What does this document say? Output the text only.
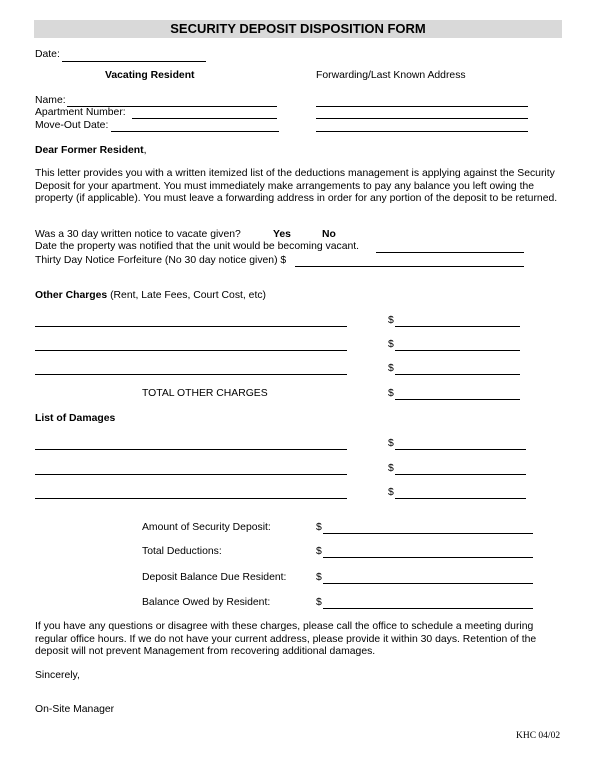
SECURITY DEPOSIT DISPOSITION FORM
Date:
Vacating Resident	Forwarding/Last Known Address
Name:
Apartment Number:
Move-Out Date:
Dear Former Resident,
This letter provides you with a written itemized list of the deductions management is applying against the Security Deposit for your apartment. You must immediately make arrangements to pay any balance you left owing the property (if applicable). You must leave a forwarding address in order for any portion of the deposit to be returned.
Was a 30 day written notice to vacate given?	Yes	No
Date the property was notified that the unit would be becoming vacant.
Thirty Day Notice Forfeiture (No 30 day notice given) $
Other Charges (Rent, Late Fees, Court Cost, etc)
$
$
$
TOTAL OTHER CHARGES	$
List of Damages
$
$
$
Amount of Security Deposit:	$
Total Deductions:	$
Deposit Balance Due Resident:	$
Balance Owed by Resident:	$
If you have any questions or disagree with these charges, please call the office to schedule a meeting during regular office hours. If we do not have your current address, please provide it within 30 days. Retention of the deposit will not prevent Management from recovering additional damages.
Sincerely,
On-Site Manager
KHC 04/02
